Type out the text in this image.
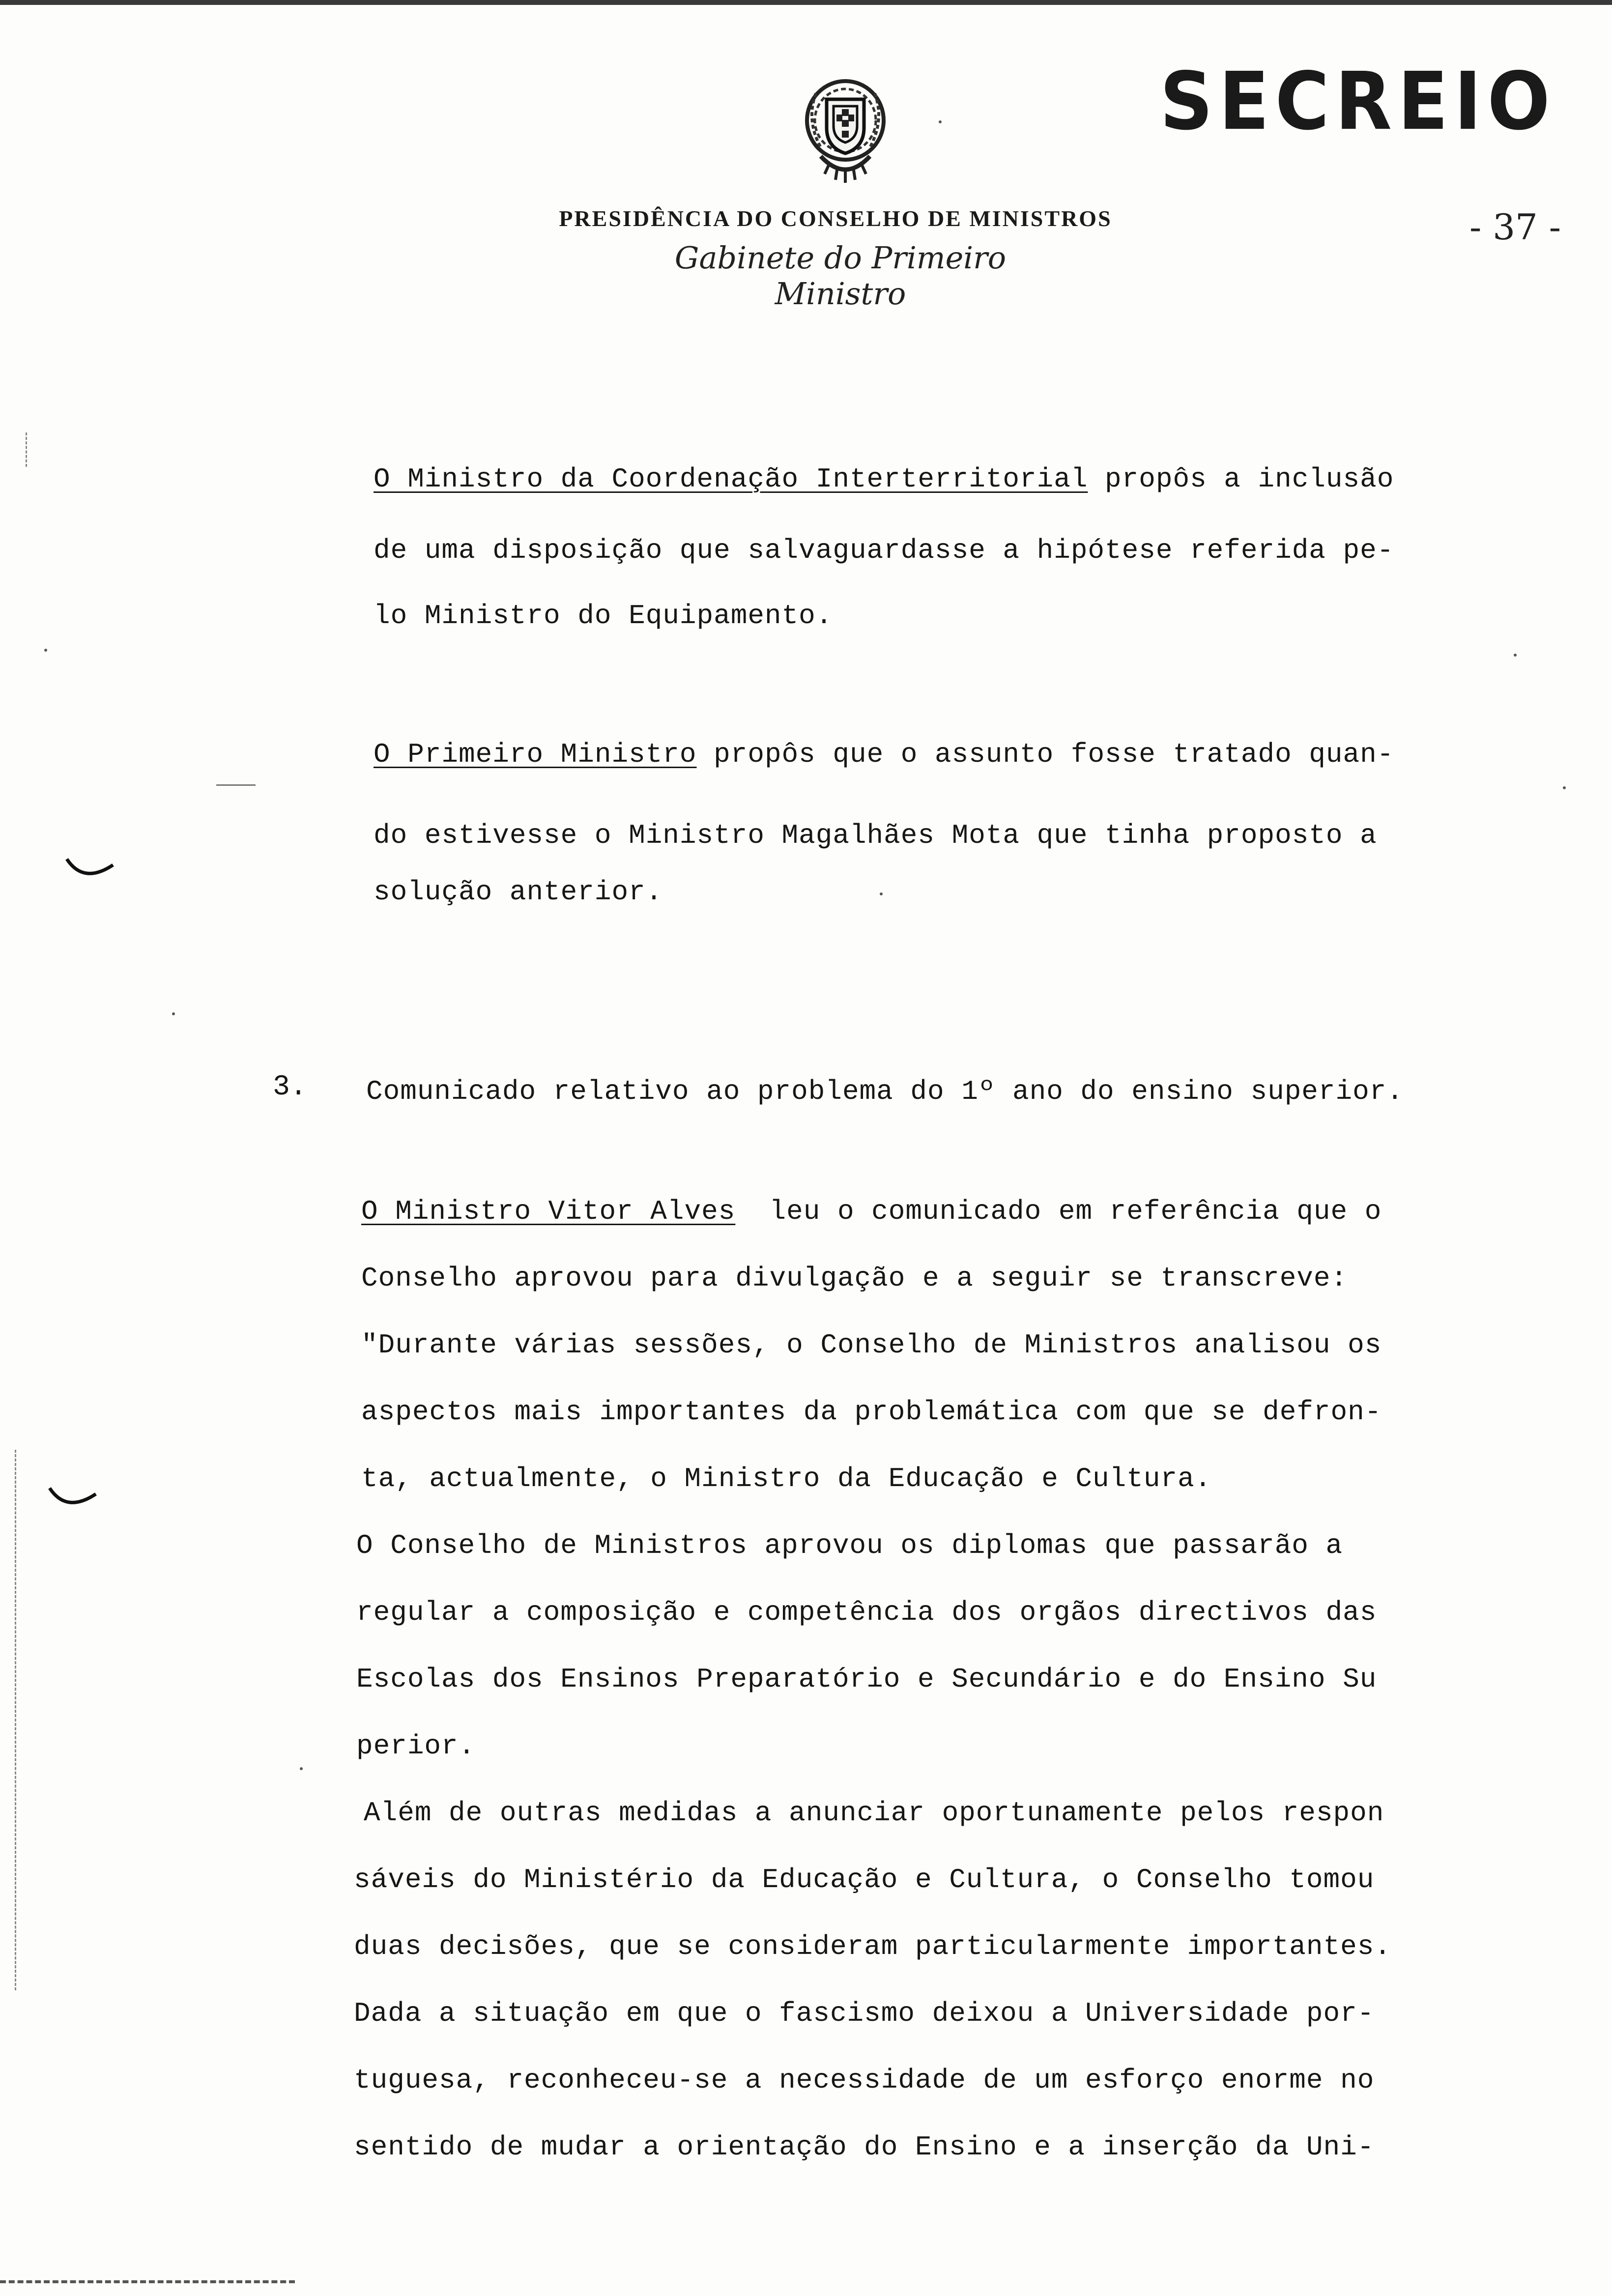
SECREIO
- 37 -
PRESIDÊNCIA DO CONSELHO DE MINISTROS
Gabinete do Primeiro Ministro
O Ministro da Coordenação Interterritorial propôs a inclusão
de uma disposição que salvaguardasse a hipótese referida pe-
lo Ministro do Equipamento.
O Primeiro Ministro propôs que o assunto fosse tratado quan-
do estivesse o Ministro Magalhães Mota que tinha proposto a
solução anterior.
3. Comunicado relativo ao problema do 1º ano do ensino superior.
O Ministro Vitor Alves  leu o comunicado em referência que o
Conselho aprovou para divulgação e a seguir se transcreve:
"Durante várias sessões, o Conselho de Ministros analisou os
aspectos mais importantes da problemática com que se defron-
ta, actualmente, o Ministro da Educação e Cultura.
O Conselho de Ministros aprovou os diplomas que passarão a
regular a composição e competência dos orgãos directivos das
Escolas dos Ensinos Preparatório e Secundário e do Ensino Su
perior.
Além de outras medidas a anunciar oportunamente pelos respon
sáveis do Ministério da Educação e Cultura, o Conselho tomou
duas decisões, que se consideram particularmente importantes.
Dada a situação em que o fascismo deixou a Universidade por-
tuguesa, reconheceu-se a necessidade de um esforço enorme no
sentido de mudar a orientação do Ensino e a inserção da Uni-
